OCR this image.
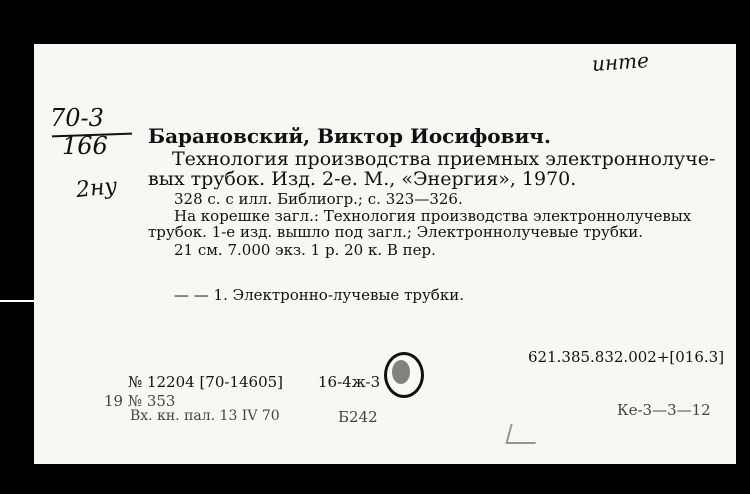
инте
70-3
166
2ну
Барановский, Виктор Иосифович.
Технология производства приемных электроннолуче-
вых трубок. Изд. 2-е. М., «Энергия», 1970.
328 с. с илл. Библиогр.; с. 323—326.
На корешке загл.: Технология производства электроннолучевых
трубок. 1-е изд. вышло под загл.; Электроннолучевые трубки.
21 см. 7.000 экз. 1 р. 20 к. В пер.
— — 1. Электронно-лучевые трубки.
621.385.832.002+[016.3]
№ 12204 [70-14605] 16-4ж-3
19 № 353
Вх. кн. пал. 13 IV 70	Б242	Ке-3—3—12
